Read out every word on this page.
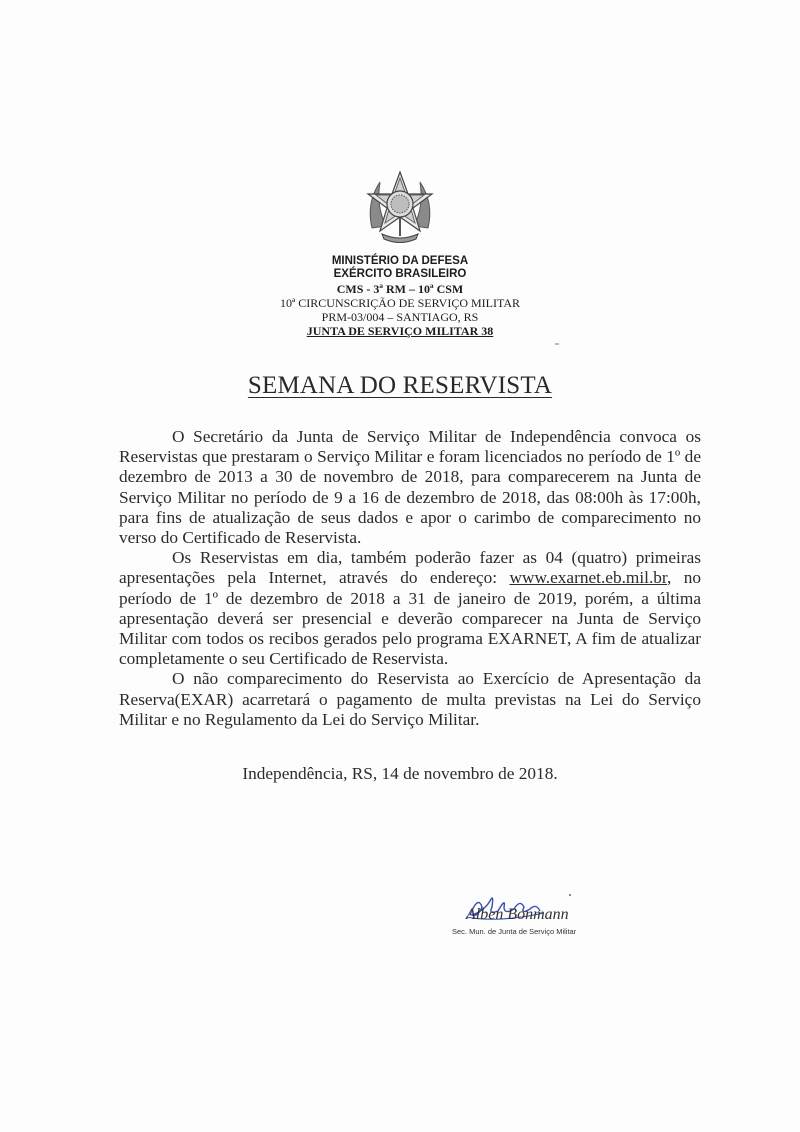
MINISTÉRIO DA DEFESA
EXÉRCITO BRASILEIRO
CMS - 3ª RM – 10ª CSM
10ª CIRCUNSCRIÇÃO DE SERVIÇO MILITAR
PRM-03/004 – SANTIAGO, RS
JUNTA DE SERVIÇO MILITAR 38
SEMANA DO RESERVISTA

O Secretário da Junta de Serviço Militar de Independência convoca os Reservistas que prestaram o Serviço Militar e foram licenciados no período de 1º de dezembro de 2013 a 30 de novembro de 2018, para comparecerem na Junta de Serviço Militar no período de 9 a 16 de dezembro de 2018, das 08:00h às 17:00h, para fins de atualização de seus dados e apor o carimbo de comparecimento no verso do Certificado de Reservista.

Os Reservistas em dia, também poderão fazer as 04 (quatro) primeiras apresentações pela Internet, através do endereço: www.exarnet.eb.mil.br, no período de 1º de dezembro de 2018 a 31 de janeiro de 2019, porém, a última apresentação deverá ser presencial e deverão comparecer na Junta de Serviço Militar com todos os recibos gerados pelo programa EXARNET, A fim de atualizar completamente o seu Certificado de Reservista.

O não comparecimento do Reservista ao Exercício de Apresentação da Reserva(EXAR) acarretará o pagamento de multa previstas na Lei do Serviço Militar e no Regulamento da Lei do Serviço Militar.

Independência, RS, 14 de novembro de 2018.
Alben Bonmann
Sec. Mun. de Junta de Serviço Militar
